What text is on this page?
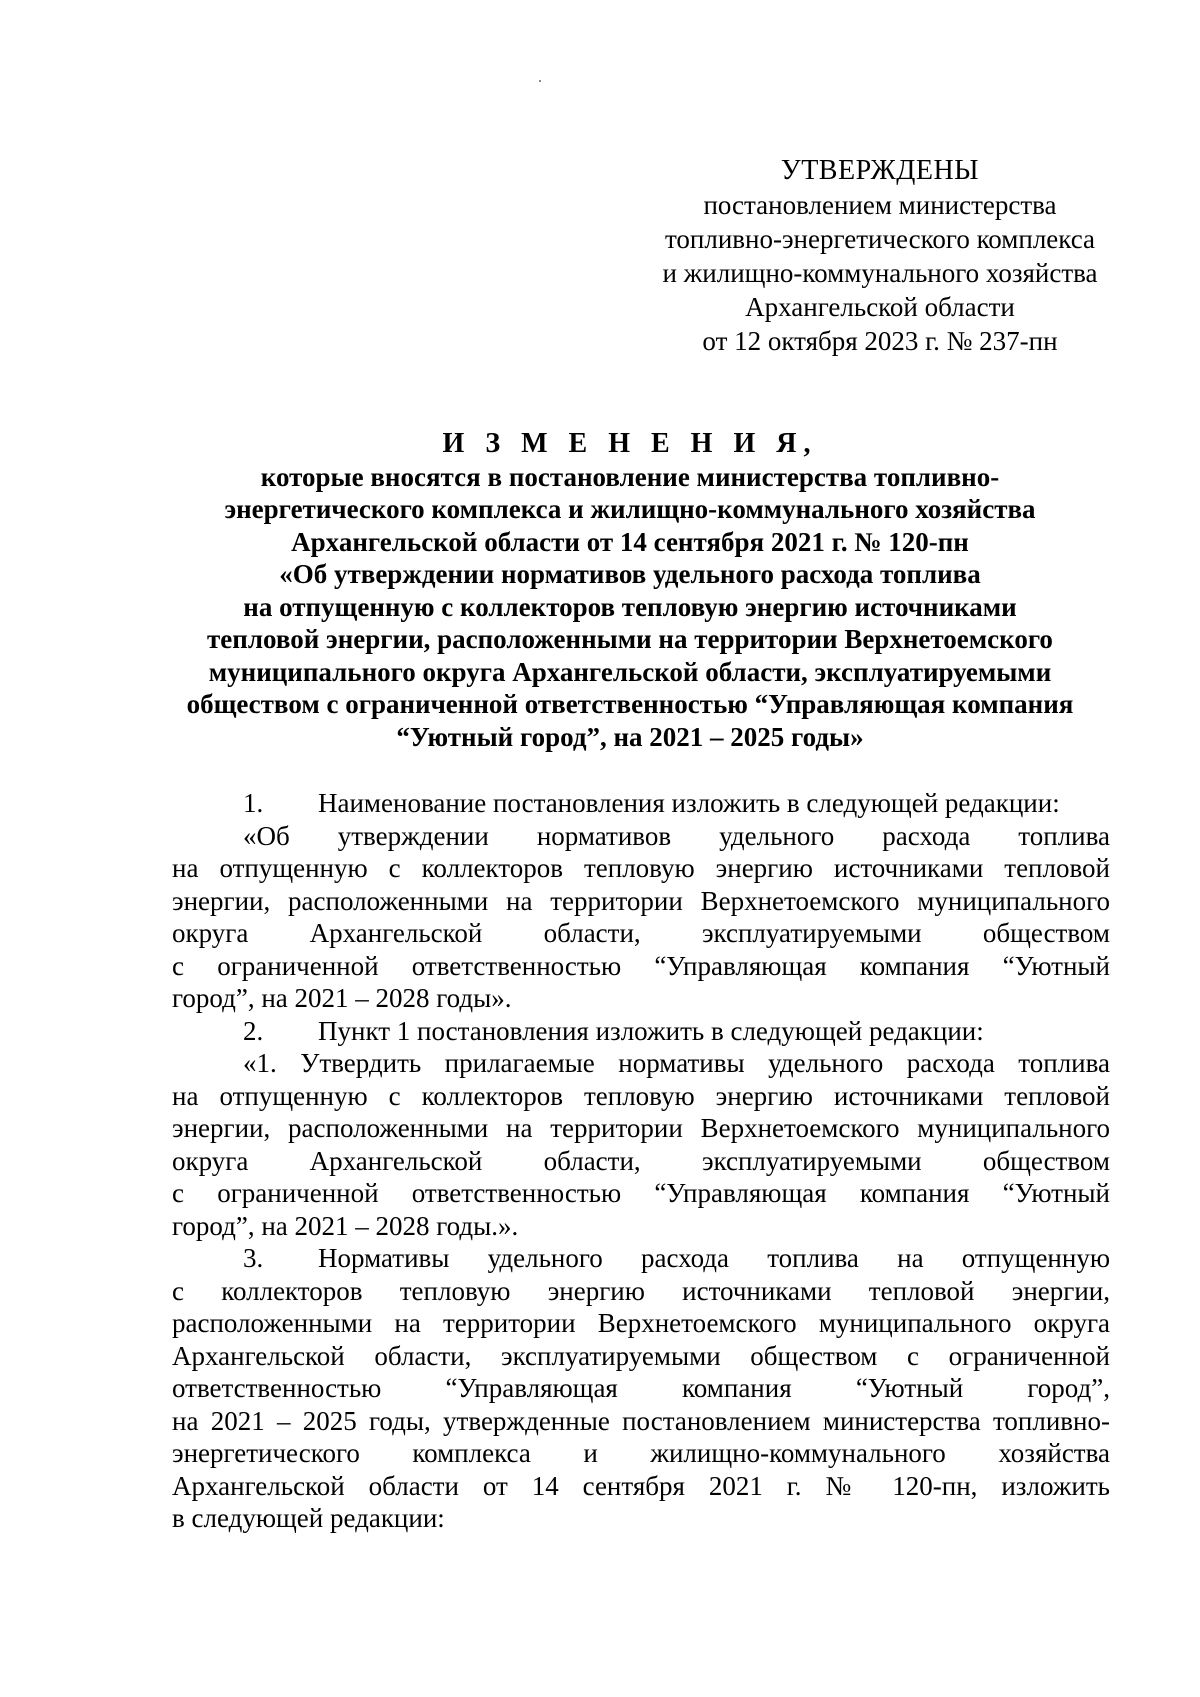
УТВЕРЖДЕНЫ
постановлением министерства
топливно-энергетического комплекса
и жилищно-коммунального хозяйства
Архангельской области
от 12 октября 2023 г. № 237-пн
И З М Е Н Е Н И Я,
которые вносятся в постановление министерства топливно-
энергетического комплекса и жилищно-коммунального хозяйства
Архангельской области от 14 сентября 2021 г. № 120-пн
«Об утверждении нормативов удельного расхода топлива
на отпущенную с коллекторов тепловую энергию источниками
тепловой энергии, расположенными на территории Верхнетоемского
муниципального округа Архангельской области, эксплуатируемыми
обществом с ограниченной ответственностью “Управляющая компания
“Уютный город”, на 2021 – 2025 годы»
1. Наименование постановления изложить в следующей редакции:
«Об утверждении нормативов удельного расхода топлива
на отпущенную с коллекторов тепловую энергию источниками тепловой
энергии, расположенными на территории Верхнетоемского муниципального
округа Архангельской области, эксплуатируемыми обществом
с ограниченной ответственностью “Управляющая компания “Уютный
город”, на 2021 – 2028 годы».
2. Пункт 1 постановления изложить в следующей редакции:
«1. Утвердить прилагаемые нормативы удельного расхода топлива
на отпущенную с коллекторов тепловую энергию источниками тепловой
энергии, расположенными на территории Верхнетоемского муниципального
округа Архангельской области, эксплуатируемыми обществом
с ограниченной ответственностью “Управляющая компания “Уютный
город”, на 2021 – 2028 годы.».
3. Нормативы удельного расхода топлива на отпущенную
с коллекторов тепловую энергию источниками тепловой энергии,
расположенными на территории Верхнетоемского муниципального округа
Архангельской области, эксплуатируемыми обществом с ограниченной
ответственностью “Управляющая компания “Уютный город”,
на 2021 – 2025 годы, утвержденные постановлением министерства топливно-
энергетического комплекса и жилищно-коммунального хозяйства
Архангельской области от 14 сентября 2021 г. № 120-пн, изложить
в следующей редакции:
